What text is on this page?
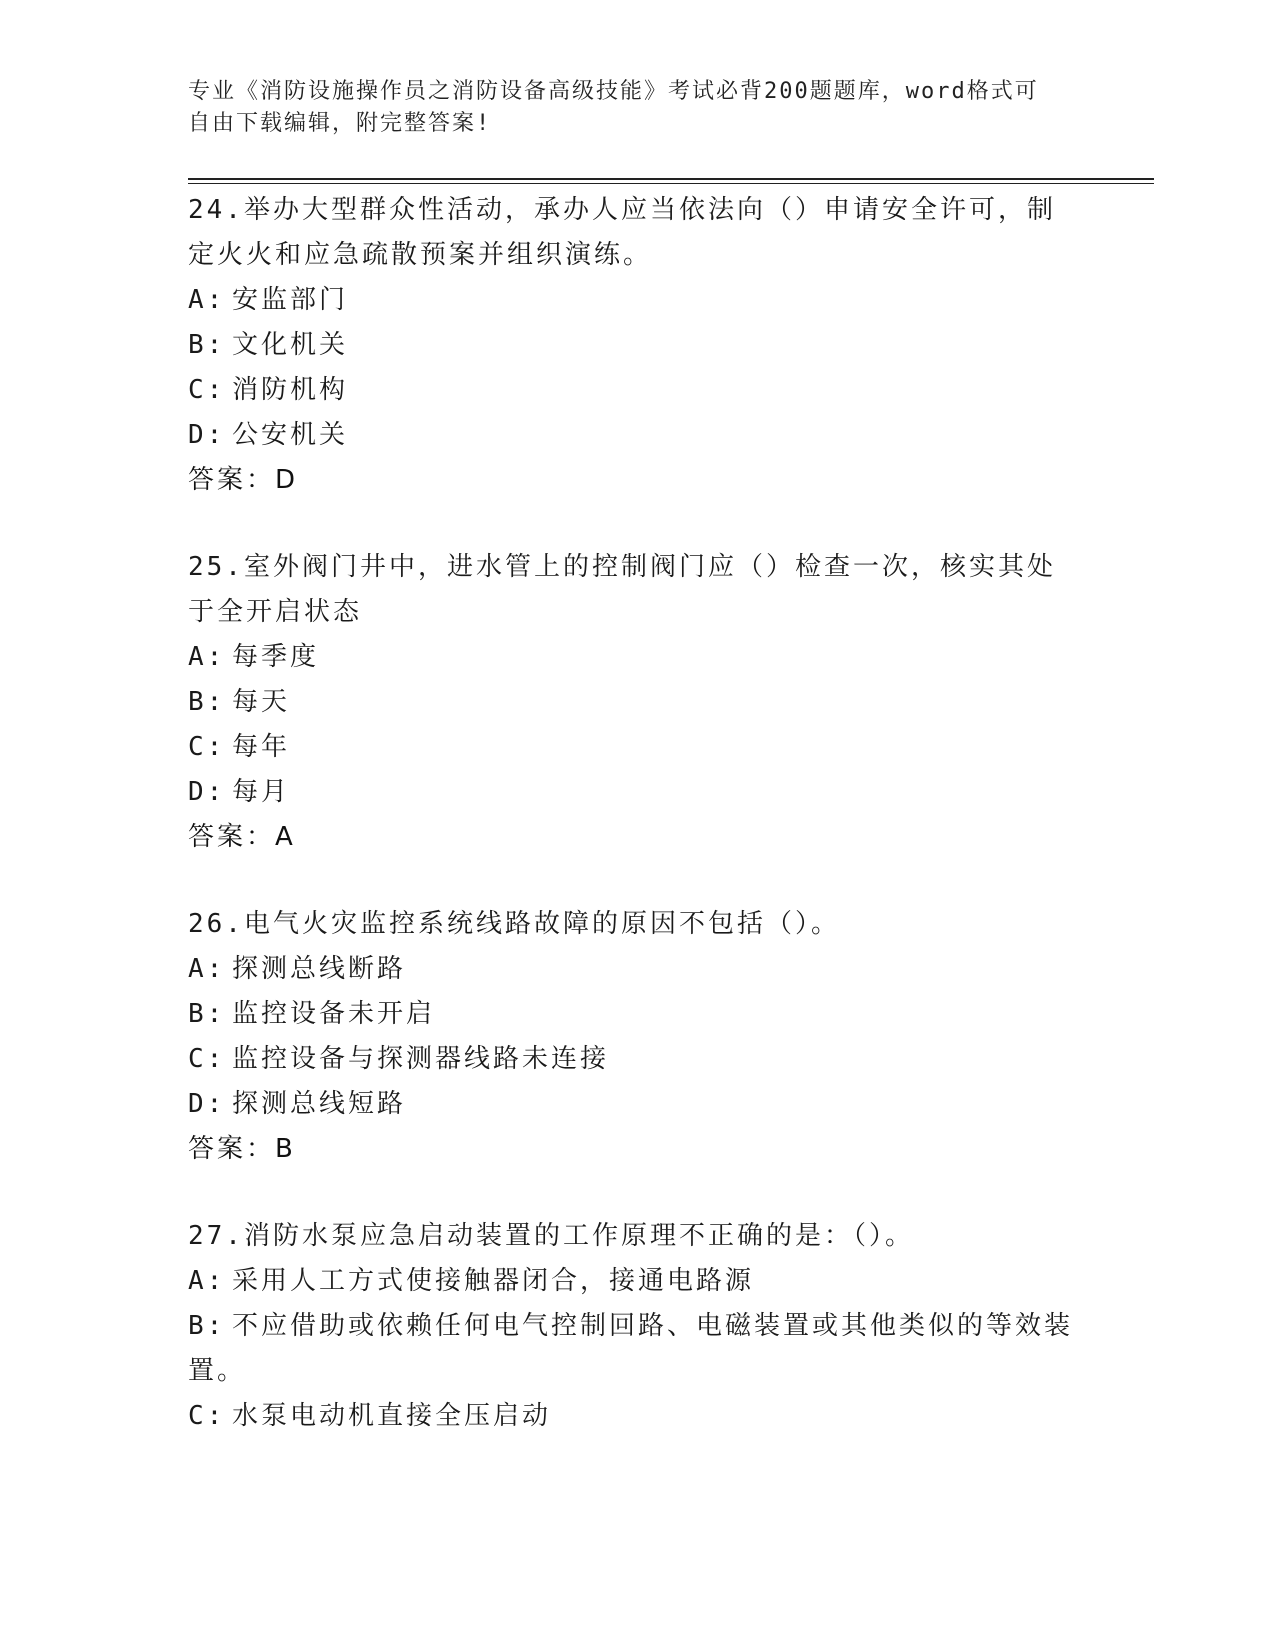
专业《消防设施操作员之消防设备高级技能》考试必背200题题库，word格式可
自由下载编辑，附完整答案!

24.举办大型群众性活动，承办人应当依法向（）申请安全许可，制定火火和应急疏散预案并组织演练。

A: 安监部门

B: 文化机关

C: 消防机构

D: 公安机关

答案：D

25.室外阀门井中，进水管上的控制阀门应（）检查一次，核实其处于全开启状态

A: 每季度

B: 每天

C: 每年

D: 每月

答案：A

26.电气火灾监控系统线路故障的原因不包括（）。

A: 探测总线断路

B: 监控设备未开启

C: 监控设备与探测器线路未连接

D: 探测总线短路

答案：B

27.消防水泵应急启动装置的工作原理不正确的是：（）。

A: 采用人工方式使接触器闭合，接通电路源

B: 不应借助或依赖任何电气控制回路、电磁装置或其他类似的等效装置。

C: 水泵电动机直接全压启动
